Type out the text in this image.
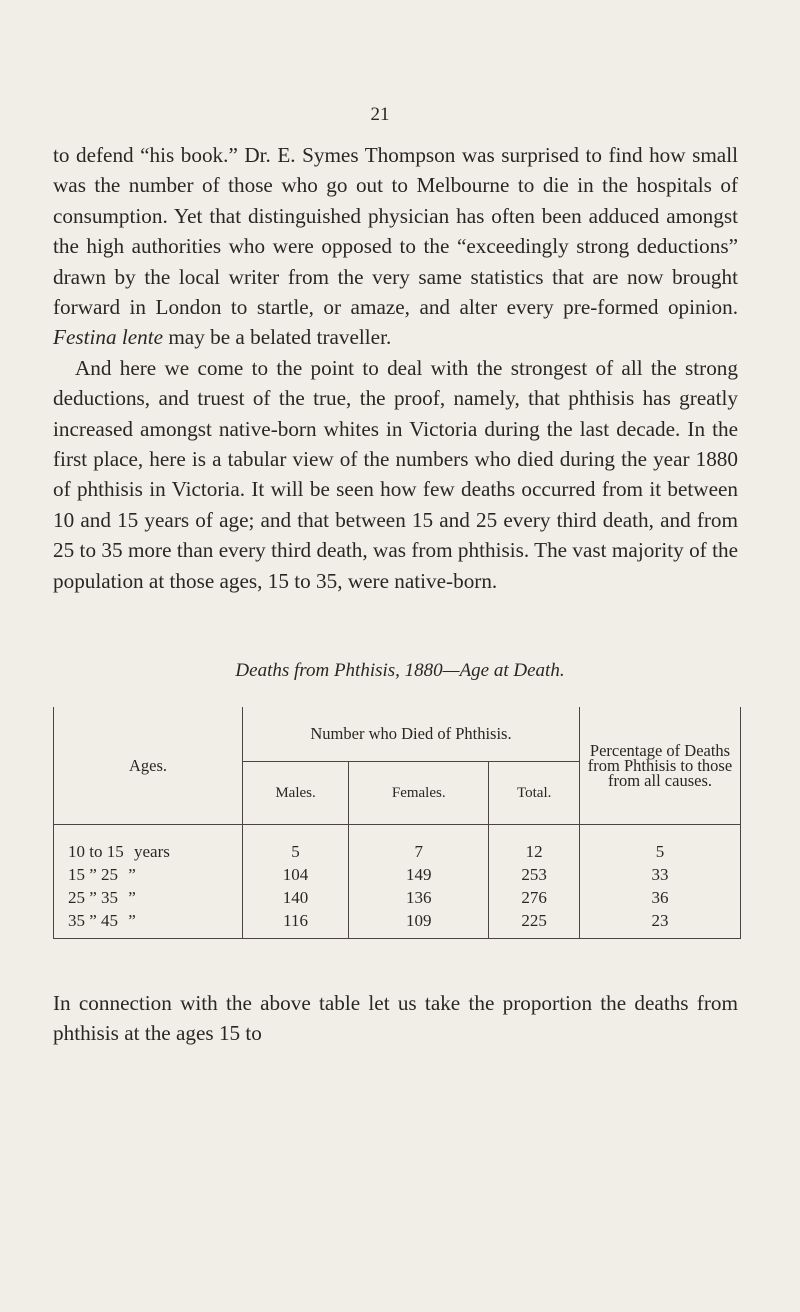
21

to defend “his book.” Dr. E. Symes Thompson was surprised to find how small was the number of those who go out to Melbourne to die in the hospitals of consumption. Yet that distinguished physician has often been adduced amongst the high authorities who were opposed to the “exceedingly strong deductions” drawn by the local writer from the very same statistics that are now brought forward in London to startle, or amaze, and alter every pre-formed opinion. Festina lente may be a belated traveller.

And here we come to the point to deal with the strongest of all the strong deductions, and truest of the true, the proof, namely, that phthisis has greatly increased amongst native-born whites in Victoria during the last decade. In the first place, here is a tabular view of the numbers who died during the year 1880 of phthisis in Victoria. It will be seen how few deaths occurred from it between 10 and 15 years of age; and that between 15 and 25 every third death, and from 25 to 35 more than every third death, was from phthisis. The vast majority of the population at those ages, 15 to 35, were native-born.

Deaths from Phthisis, 1880—Age at Death.
Ages.	Number who Died of Phthisis.			Percentage of Deaths from Phthisis to those from all causes.
	Males.	Females.	Total.	
10 to 15 years	5	7	12	5
15 ” 25 ”	104	149	253	33
25 ” 35 ”	140	136	276	36
35 ” 45 ”	116	109	225	23
In connection with the above table let us take the proportion the deaths from phthisis at the ages 15 to
